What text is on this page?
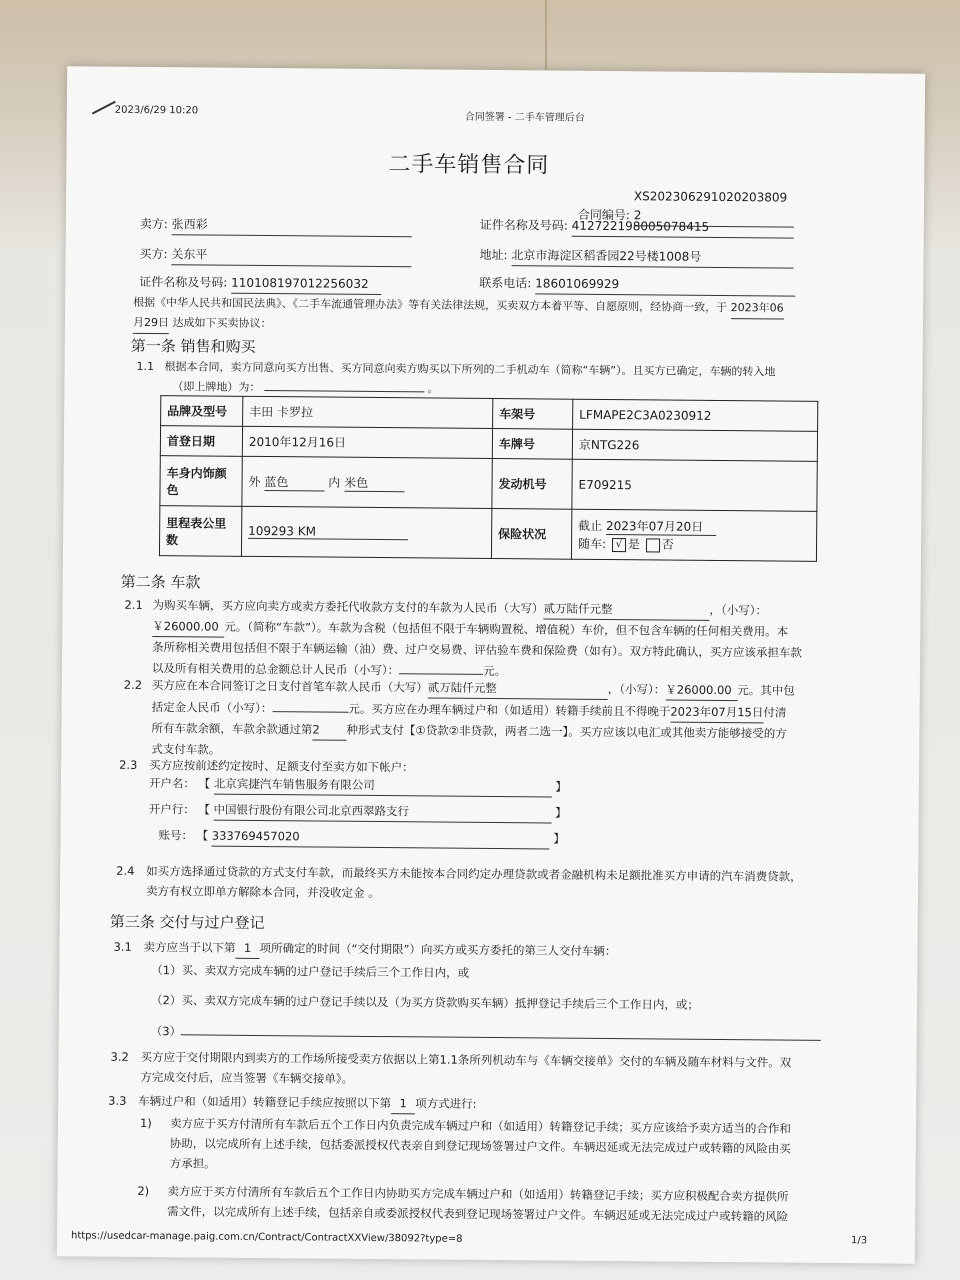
2023/6/29 10:20
合同签署 - 二手车管理后台
二手车销售合同
合同编号: XS202306291020203809 2
卖方: 张西彩	证件名称及号码: 412722198005078415
买方: 关东平	地址: 北京市海淀区稻香园22号楼1008号
证件名称及号码: 110108197012256032	联系电话: 18601069929
根据《中华人民共和国民法典》、《二手车流通管理办法》等有关法律法规，买卖双方本着平等、自愿原则，经协商一致，于 2023年06
月29日 达成如下买卖协议：
第一条 销售和购买
1.1 根据本合同，卖方同意向买方出售、买方同意向卖方购买以下所列的二手机动车（简称“车辆”）。且买方已确定，车辆的转入地
（即上牌地）为：	。
品牌及型号	丰田 卡罗拉	车架号	LFMAPE2C3A0230912
首登日期	2010年12月16日	车牌号	京NTG226
车身内饰颜色	外 蓝色 内 米色	发动机号	E709215
里程表公里数	109293 KM	保险状况	截止 2023年07月20日
随车: √ 是 否
第二条 车款
2.1 为购买车辆，买方应向卖方或卖方委托代收款方支付的车款为人民币（大写）贰万陆仟元整	，（小写）：
￥26000.00 元。（简称“车款”）。车款为含税（包括但不限于车辆购置税、增值税）车价，但不包含车辆的任何相关费用。本
条所称相关费用包括但不限于车辆运输（油）费、过户交易费、评估验车费和保险费（如有）。双方特此确认，买方应该承担车款
以及所有相关费用的总金额总计人民币（小写）：	元。
2.2 买方应在本合同签订之日支付首笔车款人民币（大写）贰万陆仟元整	，（小写）：￥26000.00 元。其中包
括定金人民币（小写）：	元。买方应在办理车辆过户和（如适用）转籍手续前且不得晚于2023年07月15日付清
所有车款余额，车款余款通过第2 种形式支付【①贷款②非贷款，两者二选一】。买方应该以电汇或其他卖方能够接受的方
式支付车款。
2.3 买方应按前述约定按时、足额支付至卖方如下帐户：
开户名： 【 北京宾捷汽车销售服务有限公司	】
开户行： 【 中国银行股份有限公司北京西翠路支行	】
账号： 【 333769457020	】
2.4 如买方选择通过贷款的方式支付车款，而最终买方未能按本合同约定办理贷款或者金融机构未足额批准买方申请的汽车消费贷款，
卖方有权立即单方解除本合同，并没收定金 。
第三条 交付与过户登记
3.1 卖方应当于以下第 1 项所确定的时间（“交付期限”）向买方或买方委托的第三人交付车辆：
（1）买、卖双方完成车辆的过户登记手续后三个工作日内，或
（2）买、卖双方完成车辆的过户登记手续以及（为买方贷款购买车辆）抵押登记手续后三个工作日内，或；
（3）
3.2 买方应于交付期限内到卖方的工作场所接受卖方依据以上第1.1条所列机动车与《车辆交接单》交付的车辆及随车材料与文件。双
方完成交付后，应当签署《车辆交接单》。
3.3 车辆过户和（如适用）转籍登记手续应按照以下第 1 项方式进行:
1) 卖方应于买方付清所有车款后五个工作日内负责完成车辆过户和（如适用）转籍登记手续；买方应该给予卖方适当的合作和
协助，以完成所有上述手续，包括委派授权代表亲自到登记现场签署过户文件。车辆迟延或无法完成过户或转籍的风险由买
方承担。
2) 卖方应于买方付清所有车款后五个工作日内协助买方完成车辆过户和（如适用）转籍登记手续；买方应积极配合卖方提供所
需文件，以完成所有上述手续，包括亲自或委派授权代表到登记现场签署过户文件。车辆迟延或无法完成过户或转籍的风险
https://usedcar-manage.paig.com.cn/Contract/ContractXXView/38092?type=8	1/3
